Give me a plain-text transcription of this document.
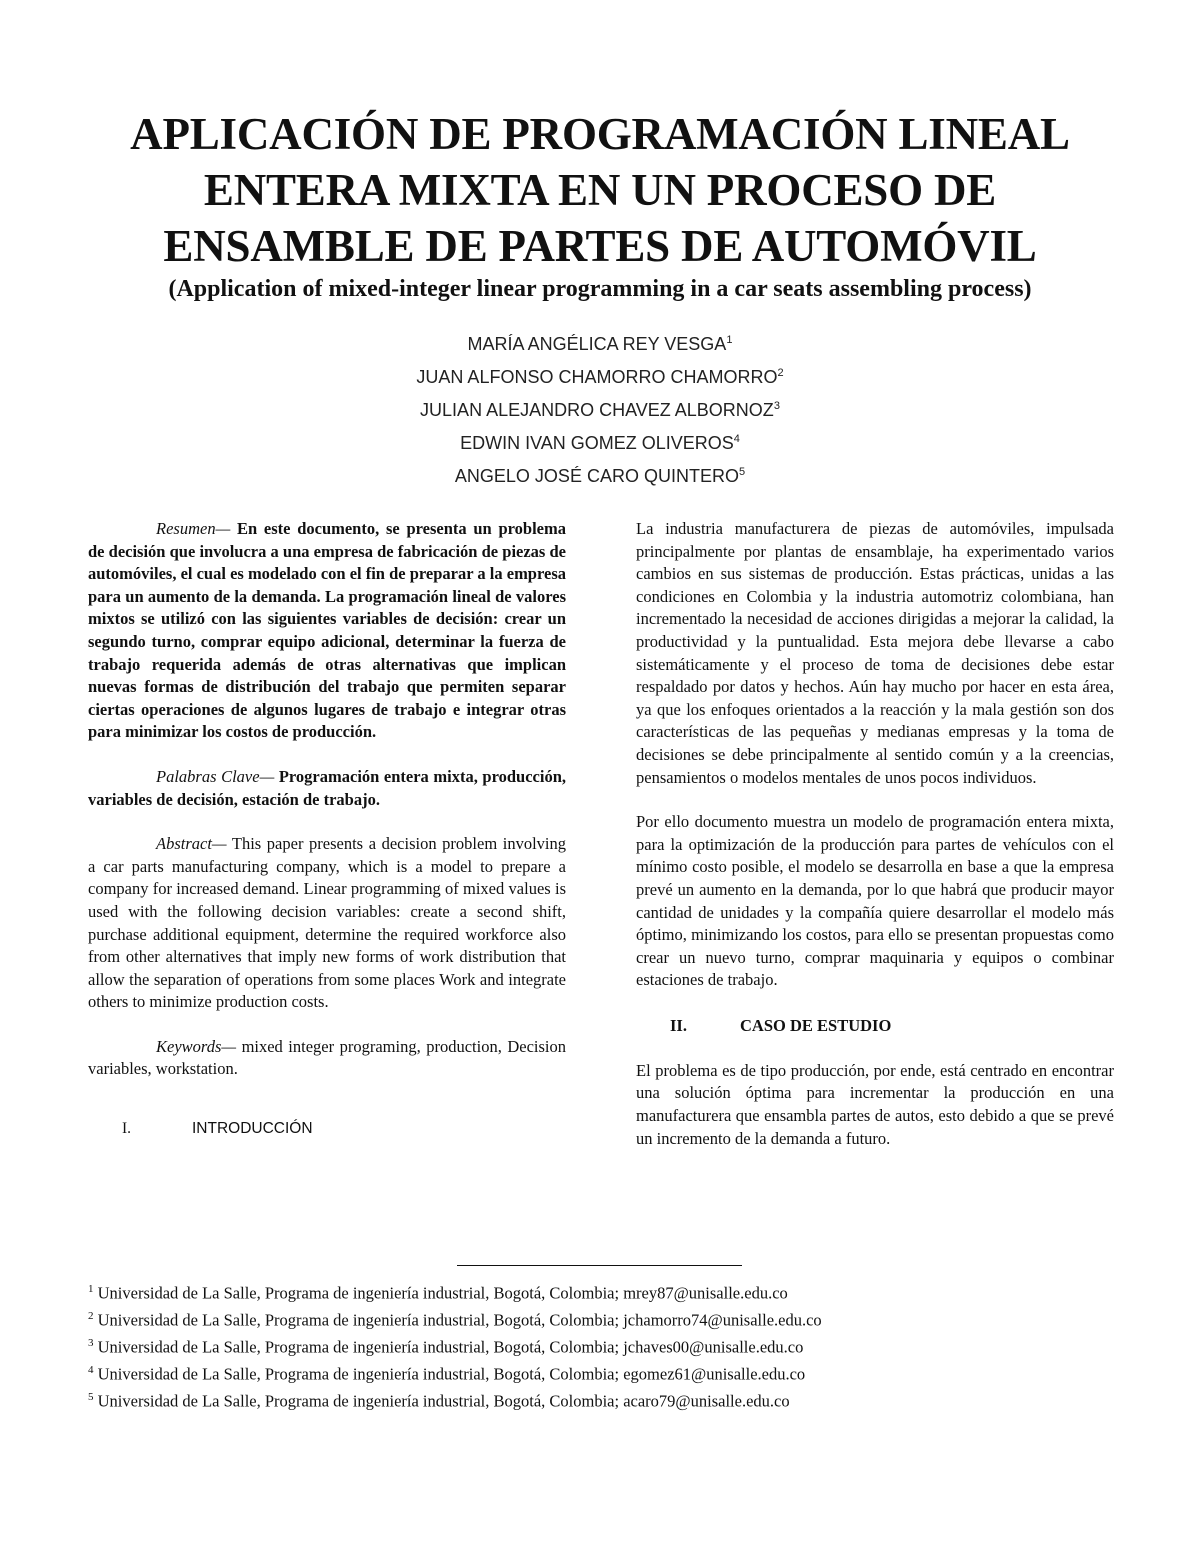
APLICACIÓN DE PROGRAMACIÓN LINEAL
ENTERA MIXTA EN UN PROCESO DE
ENSAMBLE DE PARTES DE AUTOMÓVIL
(Application of mixed-integer linear programming in a car seats assembling process)
MARÍA ANGÉLICA REY VESGA$^1$
JUAN ALFONSO CHAMORRO CHAMORRO$^2$
JULIAN ALEJANDRO CHAVEZ ALBORNOZ$^3$
EDWIN IVAN GOMEZ OLIVEROS$^4$
ANGELO JOSÉ CARO QUINTERO$^5$

Resumen— En este documento, se presenta un problema de decisión que involucra a una empresa de fabricación de piezas de automóviles, el cual es modelado con el fin de preparar a la empresa para un aumento de la demanda. La programación lineal de valores mixtos se utilizó con las siguientes variables de decisión: crear un segundo turno, comprar equipo adicional, determinar la fuerza de trabajo requerida además de otras alternativas que implican nuevas formas de distribución del trabajo que permiten separar ciertas operaciones de algunos lugares de trabajo e integrar otras para minimizar los costos de producción.

Palabras Clave— Programación entera mixta, producción, variables de decisión, estación de trabajo.

Abstract— This paper presents a decision problem involving a car parts manufacturing company, which is a model to prepare a company for increased demand. Linear programming of mixed values is used with the following decision variables: create a second shift, purchase additional equipment, determine the required workforce also from other alternatives that imply new forms of work distribution that allow the separation of operations from some places Work and integrate others to minimize production costs.

Keywords— mixed integer programing, production, Decision variables, workstation.

I.	INTRODUCCIÓN

La industria manufacturera de piezas de automóviles, impulsada principalmente por plantas de ensamblaje, ha experimentado varios cambios en sus sistemas de producción. Estas prácticas, unidas a las condiciones en Colombia y la industria automotriz colombiana, han incrementado la necesidad de acciones dirigidas a mejorar la calidad, la productividad y la puntualidad. Esta mejora debe llevarse a cabo sistemáticamente y el proceso de toma de decisiones debe estar respaldado por datos y hechos. Aún hay mucho por hacer en esta área, ya que los enfoques orientados a la reacción y la mala gestión son dos características de las pequeñas y medianas empresas y la toma de decisiones se debe principalmente al sentido común y a la creencias, pensamientos o modelos mentales de unos pocos individuos.

Por ello documento muestra un modelo de programación entera mixta, para la optimización de la producción para partes de vehículos con el mínimo costo posible, el modelo se desarrolla en base a que la empresa prevé un aumento en la demanda, por lo que habrá que producir mayor cantidad de unidades y la compañía quiere desarrollar el modelo más óptimo, minimizando los costos, para ello se presentan propuestas como crear un nuevo turno, comprar maquinaria y equipos o combinar estaciones de trabajo.

II.	CASO DE ESTUDIO

El problema es de tipo producción, por ende, está centrado en encontrar una solución óptima para incrementar la producción en una manufacturera que ensambla partes de autos, esto debido a que se prevé un incremento de la demanda a futuro.

$^1$ Universidad de La Salle, Programa de ingeniería industrial, Bogotá, Colombia; mrey87@unisalle.edu.co
$^2$ Universidad de La Salle, Programa de ingeniería industrial, Bogotá, Colombia; jchamorro74@unisalle.edu.co
$^3$ Universidad de La Salle, Programa de ingeniería industrial, Bogotá, Colombia; jchaves00@unisalle.edu.co
$^4$ Universidad de La Salle, Programa de ingeniería industrial, Bogotá, Colombia; egomez61@unisalle.edu.co
$^5$ Universidad de La Salle, Programa de ingeniería industrial, Bogotá, Colombia; acaro79@unisalle.edu.co
